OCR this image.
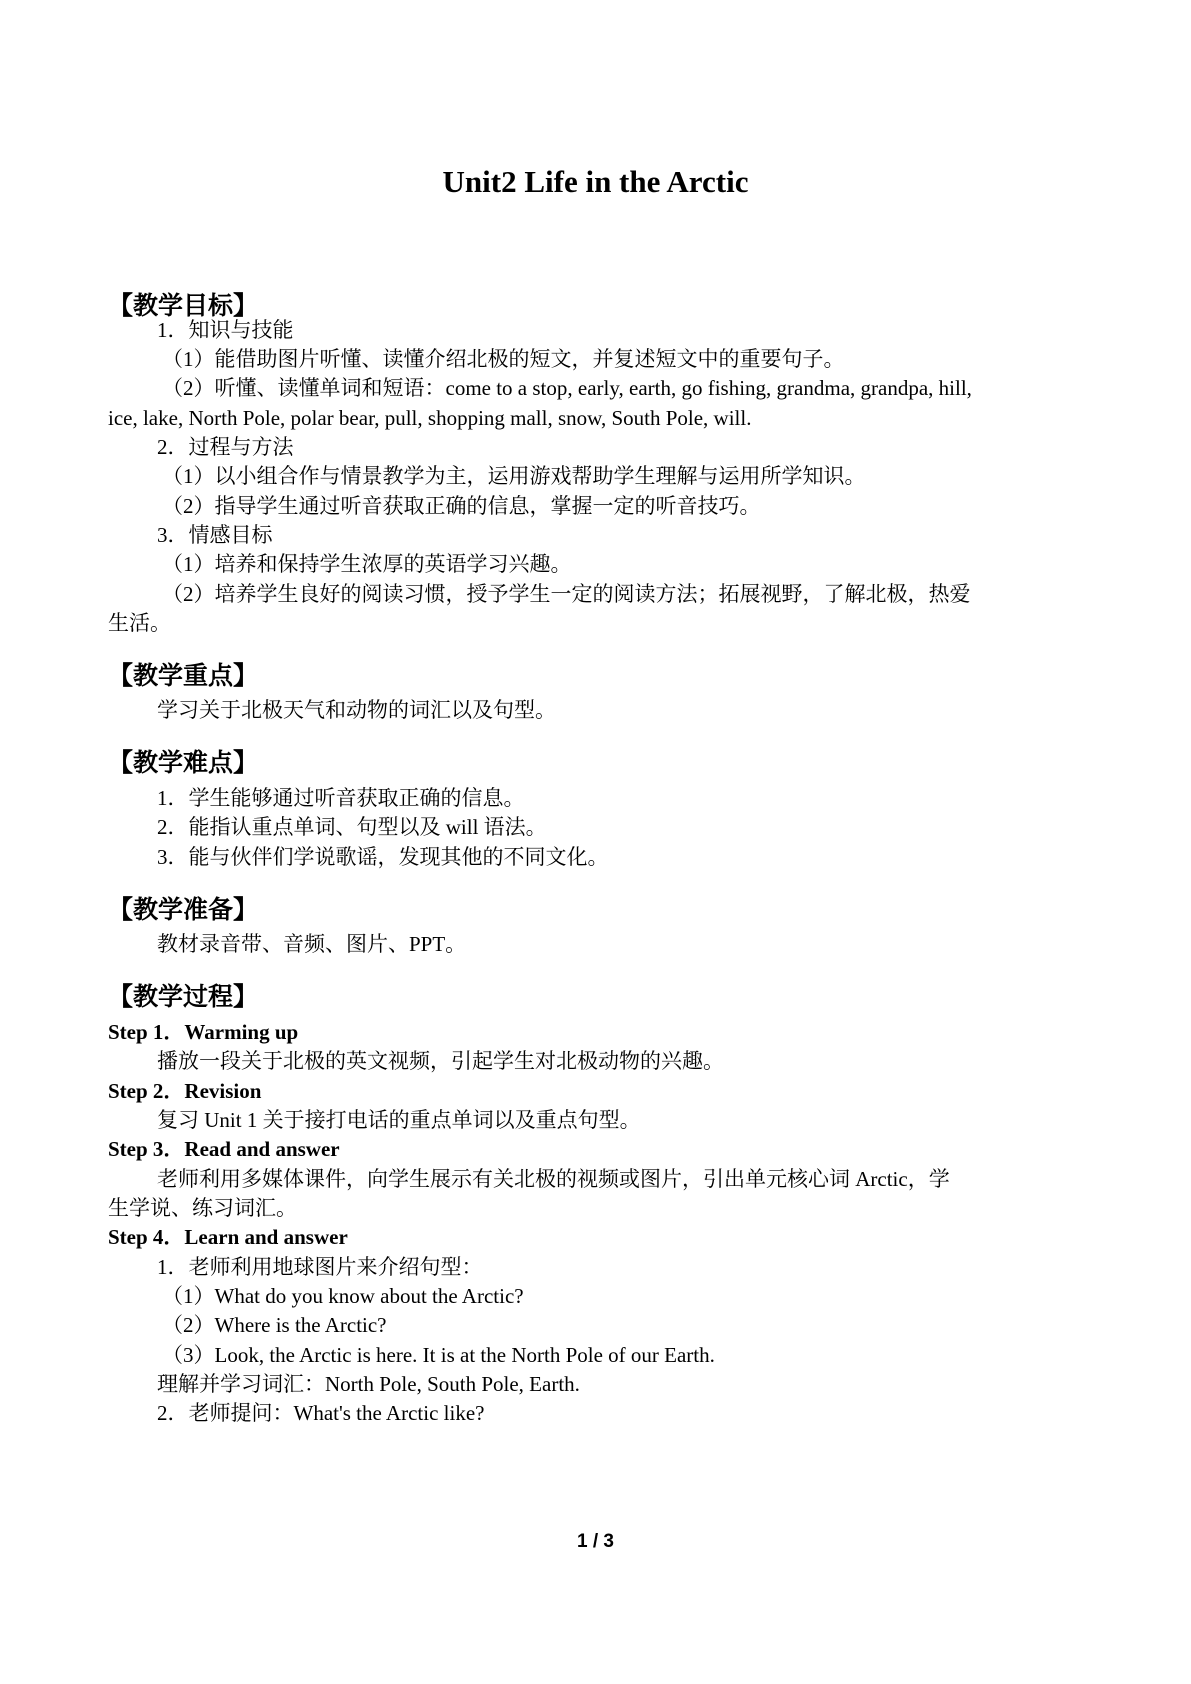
Unit2 Life in the Arctic
【教学目标】
1．知识与技能
（1）能借助图片听懂、读懂介绍北极的短文，并复述短文中的重要句子。
（2）听懂、读懂单词和短语：come to a stop, early, earth, go fishing, grandma, grandpa, hill,
ice, lake, North Pole, polar bear, pull, shopping mall, snow, South Pole, will.
2．过程与方法
（1）以小组合作与情景教学为主，运用游戏帮助学生理解与运用所学知识。
（2）指导学生通过听音获取正确的信息，掌握一定的听音技巧。
3．情感目标
（1）培养和保持学生浓厚的英语学习兴趣。
（2）培养学生良好的阅读习惯，授予学生一定的阅读方法；拓展视野，了解北极，热爱
生活。
【教学重点】
学习关于北极天气和动物的词汇以及句型。
【教学难点】
1．学生能够通过听音获取正确的信息。
2．能指认重点单词、句型以及 will 语法。
3．能与伙伴们学说歌谣，发现其他的不同文化。
【教学准备】
教材录音带、音频、图片、PPT。
【教学过程】
Step 1．Warming up
播放一段关于北极的英文视频，引起学生对北极动物的兴趣。
Step 2．Revision
复习 Unit 1 关于接打电话的重点单词以及重点句型。
Step 3．Read and answer
老师利用多媒体课件，向学生展示有关北极的视频或图片，引出单元核心词 Arctic，学
生学说、练习词汇。
Step 4．Learn and answer
1．老师利用地球图片来介绍句型：
（1）What do you know about the Arctic?
（2）Where is the Arctic?
（3）Look, the Arctic is here. It is at the North Pole of our Earth.
理解并学习词汇：North Pole, South Pole, Earth.
2．老师提问：What's the Arctic like?
1 / 3
